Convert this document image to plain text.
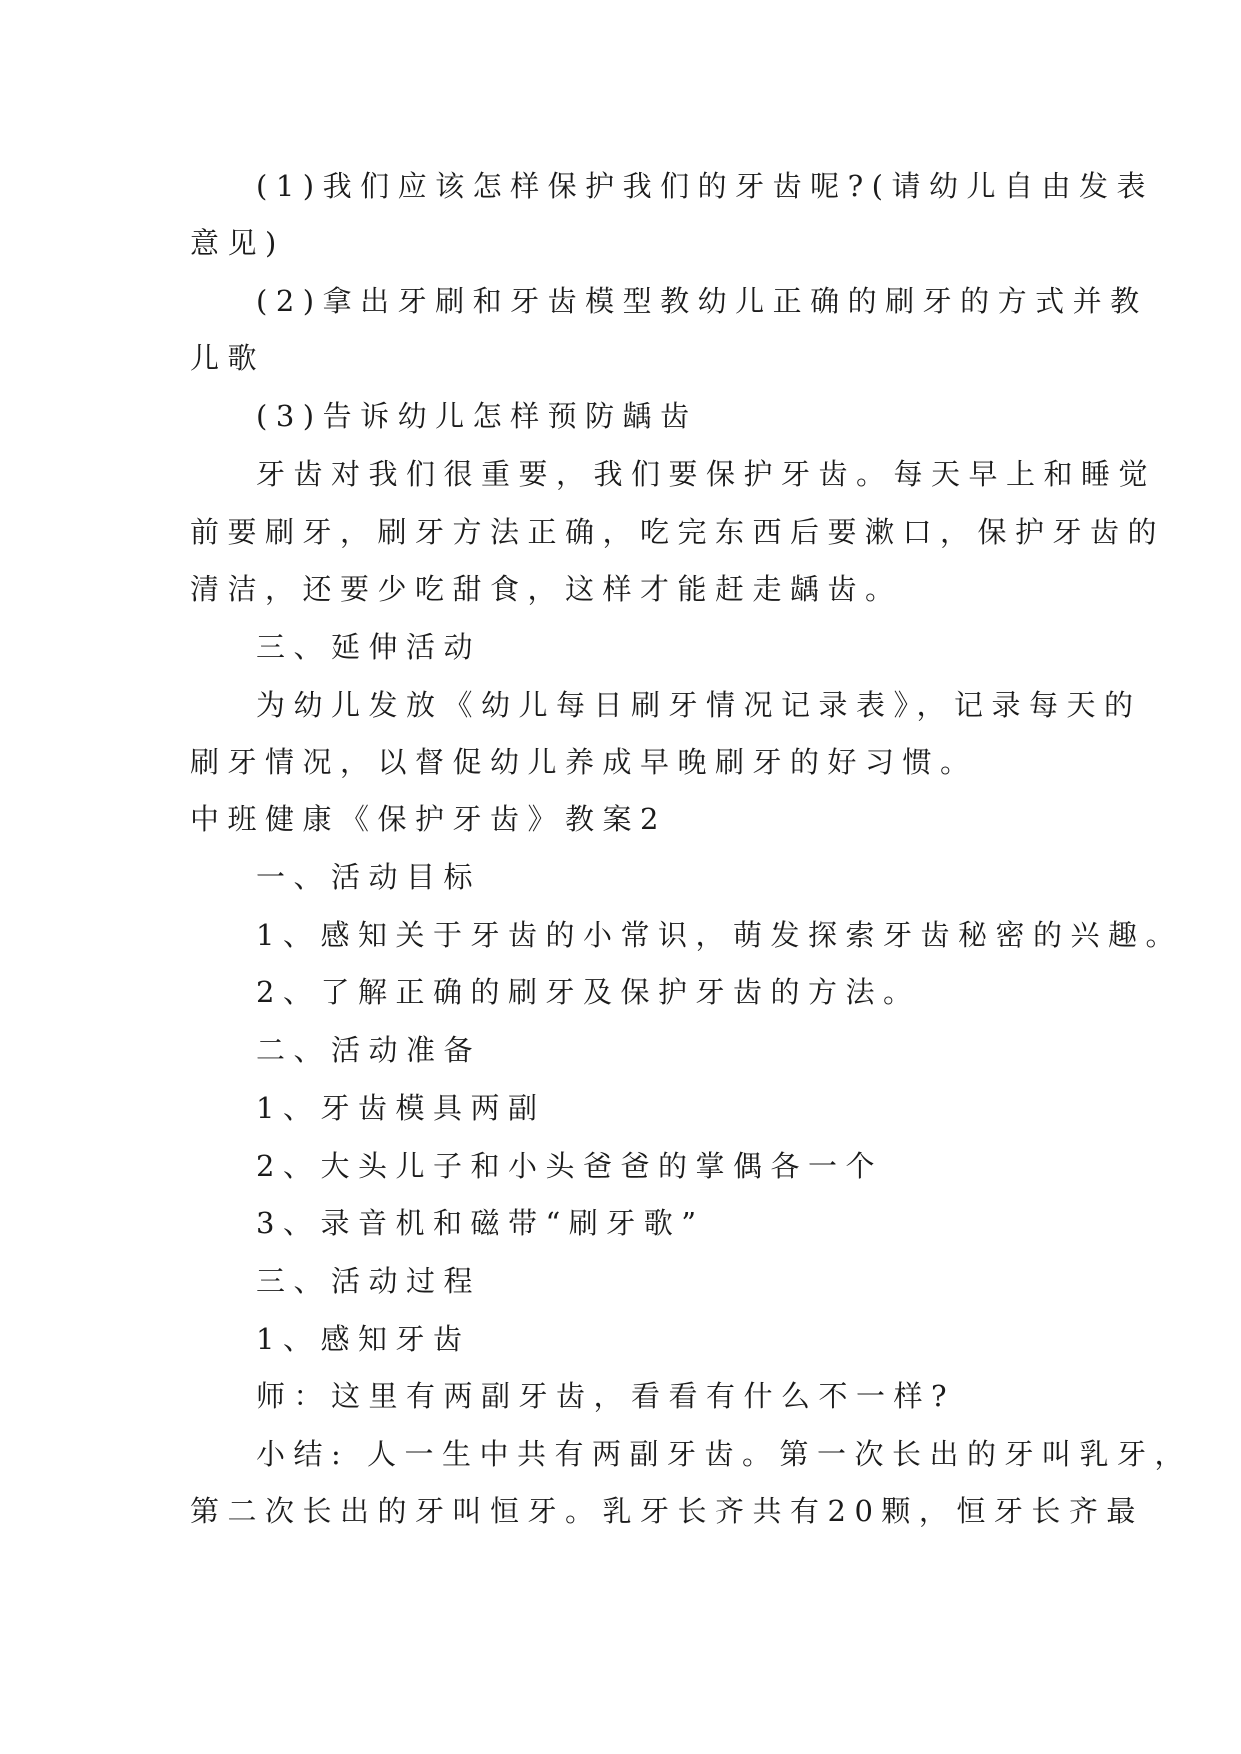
(1)我们应该怎样保护我们的牙齿呢?(请幼儿自由发表
意见)
(2)拿出牙刷和牙齿模型教幼儿正确的刷牙的方式并教
儿歌
(3)告诉幼儿怎样预防龋齿
牙齿对我们很重要，我们要保护牙齿。每天早上和睡觉
前要刷牙，刷牙方法正确，吃完东西后要漱口，保护牙齿的
清洁，还要少吃甜食，这样才能赶走龋齿。
三、延伸活动
为幼儿发放《幼儿每日刷牙情况记录表》，记录每天的
刷牙情况，以督促幼儿养成早晚刷牙的好习惯。
中班健康《保护牙齿》教案2
一、活动目标
1、感知关于牙齿的小常识，萌发探索牙齿秘密的兴趣。
2、了解正确的刷牙及保护牙齿的方法。
二、活动准备
1、牙齿模具两副
2、大头儿子和小头爸爸的掌偶各一个
3、录音机和磁带“刷牙歌”
三、活动过程
1、感知牙齿
师：这里有两副牙齿，看看有什么不一样?
小结: 人一生中共有两副牙齿。第一次长出的牙叫乳牙，
第二次长出的牙叫恒牙。乳牙长齐共有20颗，恒牙长齐最
